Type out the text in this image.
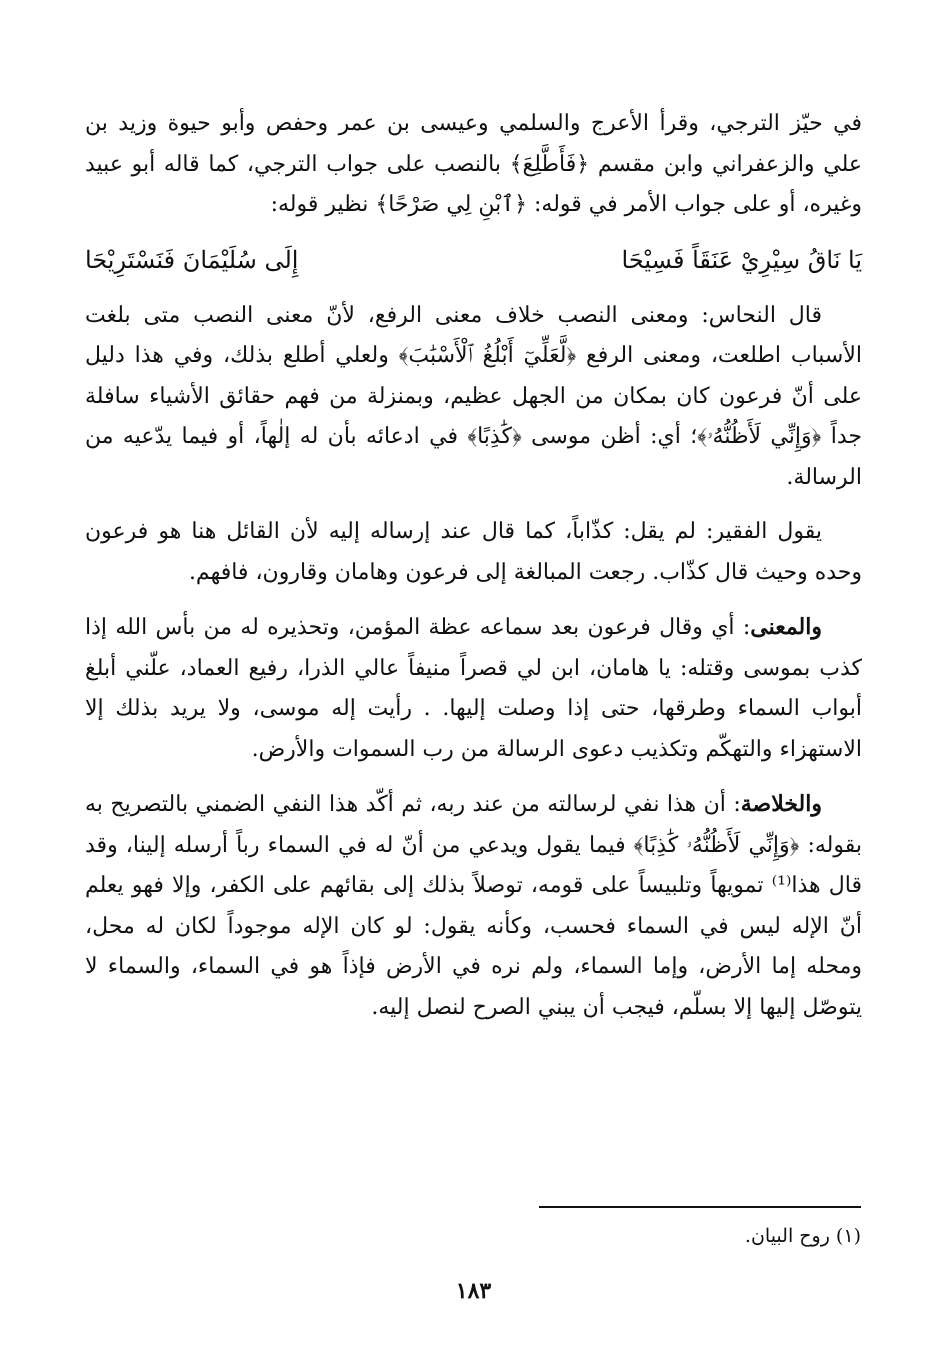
في حيّز الترجي، وقرأ الأعرج والسلمي وعيسى بن عمر وحفص وأبو حيوة وزيد بن علي والزعفراني وابن مقسم ﴿فَأَطَّلِعَ﴾ بالنصب على جواب الترجي، كما قاله أبو عبيد وغيره، أو على جواب الأمر في قوله: ﴿ٱبْنِ لِي صَرْحًا﴾ نظير قوله:

يَا نَاقُ سِيْرِيْ عَنَقَاً فَسِيْحَا
إِلَى سُلَيْمَانَ فَنَسْتَرِيْحَا

قال النحاس: ومعنى النصب خلاف معنى الرفع، لأنّ معنى النصب متى بلغت الأسباب اطلعت، ومعنى الرفع ﴿لَّعَلِّيٓ أَبْلُغُ ٱلْأَسْبَٰبَ﴾ ولعلي أطلع بذلك، وفي هذا دليل على أنّ فرعون كان بمكان من الجهل عظيم، وبمنزلة من فهم حقائق الأشياء سافلة جداً ﴿وَإِنِّي لَأَظُنُّهُۥ﴾؛ أي: أظن موسى ﴿كَٰذِبًا﴾ في ادعائه بأن له إلٰهاً، أو فيما يدّعيه من الرسالة.

يقول الفقير: لم يقل: كذّاباً، كما قال عند إرساله إليه لأن القائل هنا هو فرعون وحده وحيث قال كذّاب. رجعت المبالغة إلى فرعون وهامان وقارون، فافهم.

والمعنى: أي وقال فرعون بعد سماعه عظة المؤمن، وتحذيره له من بأس الله إذا كذب بموسى وقتله: يا هامان، ابن لي قصراً منيفاً عالي الذرا، رفيع العماد، علّني أبلغ أبواب السماء وطرقها، حتى إذا وصلت إليها. . رأيت إله موسى، ولا يريد بذلك إلا الاستهزاء والتهكّم وتكذيب دعوى الرسالة من رب السموات والأرض.

والخلاصة: أن هذا نفي لرسالته من عند ربه، ثم أكّد هذا النفي الضمني بالتصريح به بقوله: ﴿وَإِنِّي لَأَظُنُّهُۥ كَٰذِبًا﴾ فيما يقول ويدعي من أنّ له في السماء رباً أرسله إلينا، وقد قال هذا⁽¹⁾ تمويهاً وتلبيساً على قومه، توصلاً بذلك إلى بقائهم على الكفر، وإلا فهو يعلم أنّ الإله ليس في السماء فحسب، وكأنه يقول: لو كان الإله موجوداً لكان له محل، ومحله إما الأرض، وإما السماء، ولم نره في الأرض فإذاً هو في السماء، والسماء لا يتوصّل إليها إلا بسلّم، فيجب أن يبني الصرح لنصل إليه.

(١) روح البيان.
١٨٣
